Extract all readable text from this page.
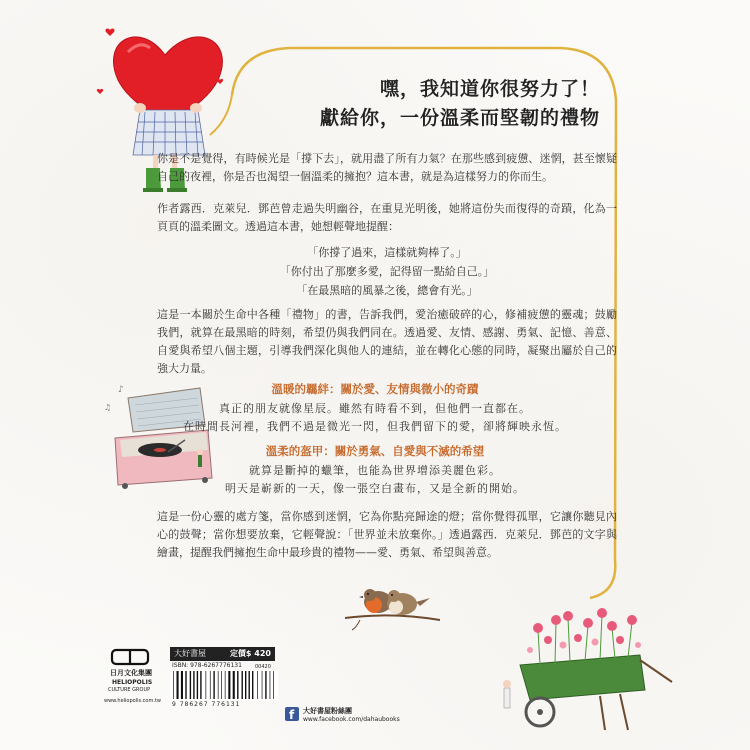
♪
♫
f
嘿，我知道你很努力了！
獻給你，一份溫柔而堅韌的禮物
你是不是覺得，有時候光是「撐下去」，就用盡了所有力氣？在那些感到疲憊、迷惘，甚至懷疑自己的夜裡，你是否也渴望一個溫柔的擁抱？這本書，就是為這樣努力的你而生。
作者露西．克萊兒．鄧芭曾走過失明幽谷，在重見光明後，她將這份失而復得的奇蹟，化為一頁頁的溫柔圖文。透過這本書，她想輕聲地提醒：
「你撐了過來，這樣就夠棒了。」
「你付出了那麼多愛，記得留一點給自己。」
「在最黑暗的風暴之後，總會有光。」
這是一本關於生命中各種「禮物」的書，告訴我們，愛治癒破碎的心，修補疲憊的靈魂；鼓勵我們，就算在最黑暗的時刻，希望仍與我們同在。透過愛、友情、感謝、勇氣、記憶、善意、自愛與希望八個主題，引導我們深化與他人的連結，並在轉化心態的同時，凝聚出屬於自己的強大力量。
溫暖的羈絆：關於愛、友情與微小的奇蹟
真正的朋友就像星辰。雖然有時看不到，但他們一直都在。
在時間長河裡，我們不過是微光一閃，但我們留下的愛，卻將輝映永恆。
溫柔的盔甲：關於勇氣、自愛與不滅的希望
就算是斷掉的蠟筆，也能為世界增添美麗色彩。
明天是嶄新的一天，像一張空白畫布，又是全新的開始。
這是一份心靈的處方箋，當你感到迷惘，它為你點亮歸途的燈；當你覺得孤單，它讓你聽見內心的鼓聲；當你想要放棄，它輕聲說：「世界並未放棄你。」透過露西．克萊兒．鄧芭的文字與繪畫，提醒我們擁抱生命中最珍貴的禮物——愛、勇氣、希望與善意。
大好書屋	定價$ 420
ISBN: 978-6267776131	00420
9 786267 776131
日月文化集團
HELIOPOLIS
CULTURE GROUP
www.heliopolis.com.tw
大好書屋粉絲團
www.facebook.com/dahaubooks
